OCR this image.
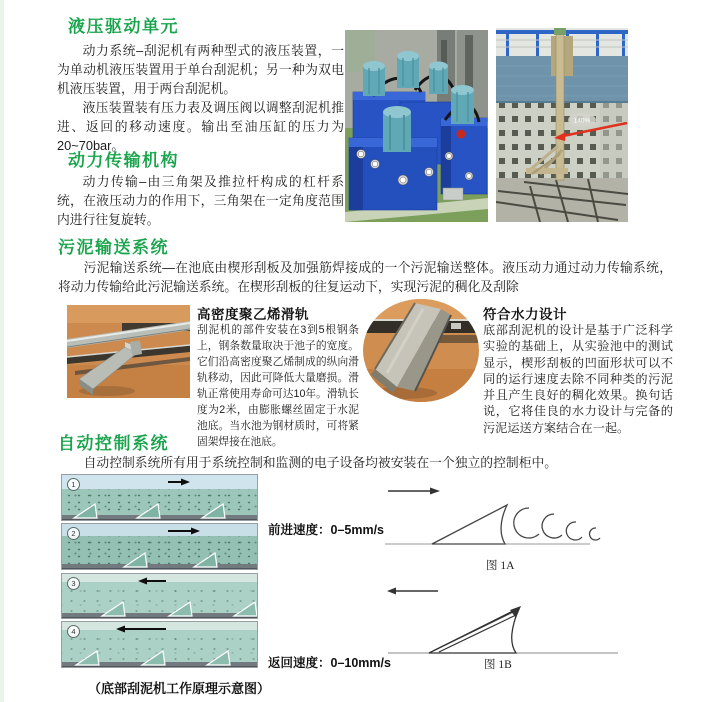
液压驱动单元

动力系统–刮泥机有两种型式的液压装置，一为单动机液压装置用于单台刮泥机；另一种为双电机液压装置，用于两台刮泥机。

液压装置装有压力表及调压阀以调整刮泥机推进、返回的移动速度。输出至油压缸的压力为20~70bar。

动力传输机构

动力传输–由三角架及推拉杆构成的杠杆系统，在液压动力的作用下，三角架在一定角度范围内进行往复旋转。

140%
污泥输送系统

污泥输送系统—在池底由楔形刮板及加强筋焊接成的一个污泥输送整体。液压动力通过动力传输系统，将动力传输给此污泥输送系统。在楔形刮板的往复运动下，实现污泥的稠化及刮除

高密度聚乙烯滑轨
刮泥机的部件安装在3到5根钢条上，钢条数量取决于池子的宽度。它们沿高密度聚乙烯制成的纵向滑轨移动，因此可降低大量磨损。滑轨正常使用寿命可达10年。滑轨长度为2米，由膨胀螺丝固定于水泥池底。当水池为钢材质时，可将紧固架焊接在池底。
符合水力设计
底部刮泥机的设计是基于广泛科学实验的基础上，从实验池中的测试显示，楔形刮板的凹面形状可以不同的运行速度去除不同种类的污泥并且产生良好的稠化效果。换句话说，它将佳良的水力设计与完备的污泥运送方案结合在一起。
自动控制系统

自动控制系统所有用于系统控制和监测的电子设备均被安装在一个独立的控制柜中。

1
2
3
4
前进速度：0–5mm/s
返回速度：0–10mm/s
（底部刮泥机工作原理示意图）
图 1A
图 1B
